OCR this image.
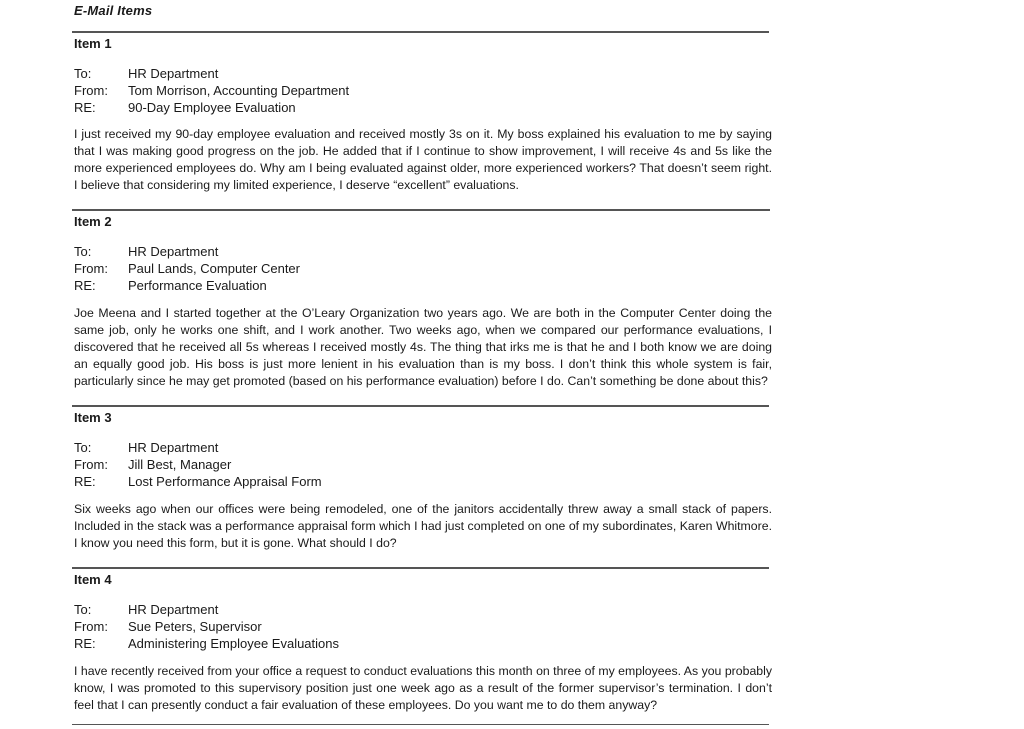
E-Mail Items
Item 1
To:	HR Department
From: Tom Morrison, Accounting Department
RE: 90-Day Employee Evaluation
I just received my 90-day employee evaluation and received mostly 3s on it. My boss explained his evaluation to me by saying that I was making good progress on the job. He added that if I continue to show improvement, I will receive 4s and 5s like the more experienced employees do. Why am I being evaluated against older, more experienced workers? That doesn’t seem right. I believe that considering my limited experience, I deserve “excellent” evaluations.
Item 2
To:	HR Department
From: Paul Lands, Computer Center
RE: Performance Evaluation
Joe Meena and I started together at the O’Leary Organization two years ago. We are both in the Computer Center doing the same job, only he works one shift, and I work another. Two weeks ago, when we compared our performance evaluations, I discovered that he received all 5s whereas I received mostly 4s. The thing that irks me is that he and I both know we are doing an equally good job. His boss is just more lenient in his evaluation than is my boss. I don’t think this whole system is fair, particularly since he may get promoted (based on his performance evaluation) before I do. Can’t something be done about this?
Item 3
To:	HR Department
From: Jill Best, Manager
RE: Lost Performance Appraisal Form
Six weeks ago when our offices were being remodeled, one of the janitors accidentally threw away a small stack of papers. Included in the stack was a performance appraisal form which I had just completed on one of my subordinates, Karen Whitmore. I know you need this form, but it is gone. What should I do?
Item 4
To:	HR Department
From: Sue Peters, Supervisor
RE: Administering Employee Evaluations
I have recently received from your office a request to conduct evaluations this month on three of my employees. As you probably know, I was promoted to this supervisory position just one week ago as a result of the former supervisor’s termination. I don’t feel that I can presently conduct a fair evaluation of these employees. Do you want me to do them anyway?
